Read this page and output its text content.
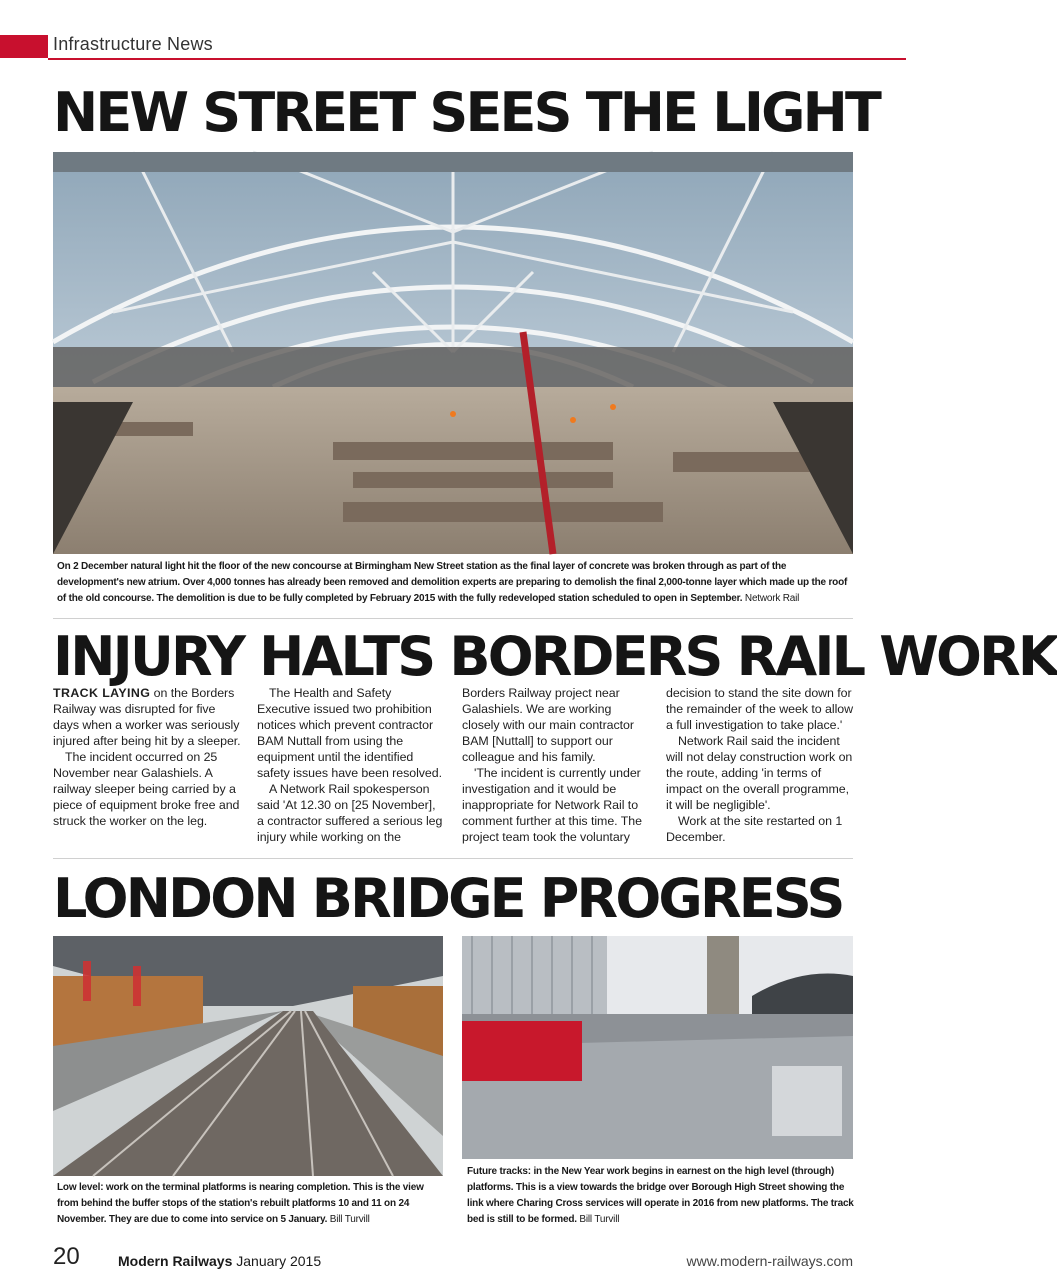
Infrastructure News
NEW STREET SEES THE LIGHT
On 2 December natural light hit the floor of the new concourse at Birmingham New Street station as the final layer of concrete was broken through as part of the development's new atrium. Over 4,000 tonnes has already been removed and demolition experts are preparing to demolish the final 2,000-tonne layer which made up the roof of the old concourse. The demolition is due to be fully completed by February 2015 with the fully redeveloped station scheduled to open in September. Network Rail
INJURY HALTS BORDERS RAIL WORK

TRACK LAYING on the Borders Railway was disrupted for five days when a worker was seriously injured after being hit by a sleeper.

The incident occurred on 25 November near Galashiels. A railway sleeper being carried by a piece of equipment broke free and struck the worker on the leg.

The Health and Safety Executive issued two prohibition notices which prevent contractor BAM Nuttall from using the equipment until the identified safety issues have been resolved.

A Network Rail spokesperson said 'At 12.30 on [25 November], a contractor suffered a serious leg injury while working on the

Borders Railway project near Galashiels. We are working closely with our main contractor BAM [Nuttall] to support our colleague and his family.

'The incident is currently under investigation and it would be inappropriate for Network Rail to comment further at this time. The project team took the voluntary

decision to stand the site down for the remainder of the week to allow a full investigation to take place.'

Network Rail said the incident will not delay construction work on the route, adding 'in terms of impact on the overall programme, it will be negligible'.

Work at the site restarted on 1 December.

LONDON BRIDGE PROGRESS
Low level: work on the terminal platforms is nearing completion. This is the view from behind the buffer stops of the station's rebuilt platforms 10 and 11 on 24 November. They are due to come into service on 5 January. Bill Turvill
Future tracks: in the New Year work begins in earnest on the high level (through) platforms. This is a view towards the bridge over Borough High Street showing the link where Charing Cross services will operate in 2016 from new platforms. The track bed is still to be formed. Bill Turvill
20	Modern Railways January 2015	www.modern-railways.com
